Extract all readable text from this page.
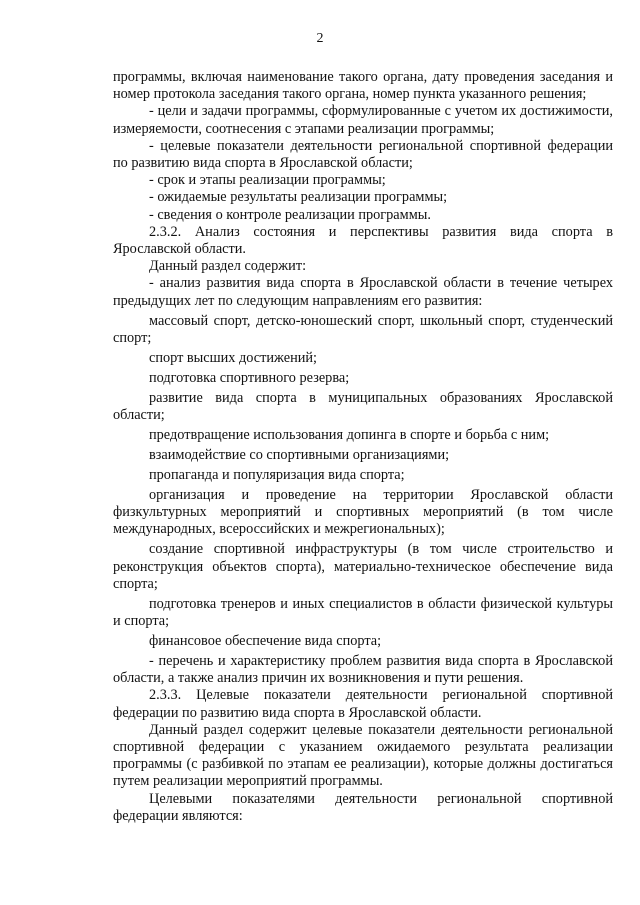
2

программы, включая наименование такого органа, дату проведения заседания и номер протокола заседания такого органа, номер пункта указанного решения;

- цели и задачи программы, сформулированные с учетом их достижимости, измеряемости, соотнесения с этапами реализации программы;

- целевые показатели деятельности региональной спортивной федерации по развитию вида спорта в Ярославской области;

- срок и этапы реализации программы;

- ожидаемые результаты реализации программы;

- сведения о контроле реализации программы.

2.3.2. Анализ состояния и перспективы развития вида спорта в Ярославской области.

Данный раздел содержит:

- анализ развития вида спорта в Ярославской области в течение четырех предыдущих лет по следующим направлениям его развития:

массовый спорт, детско-юношеский спорт, школьный спорт, студенческий спорт;

спорт высших достижений;

подготовка спортивного резерва;

развитие вида спорта в муниципальных образованиях Ярославской области;

предотвращение использования допинга в спорте и борьба с ним;

взаимодействие со спортивными организациями;

пропаганда и популяризация вида спорта;

организация и проведение на территории Ярославской области физкультурных мероприятий и спортивных мероприятий (в том числе международных, всероссийских и межрегиональных);

создание спортивной инфраструктуры (в том числе строительство и реконструкция объектов спорта), материально-техническое обеспечение вида спорта;

подготовка тренеров и иных специалистов в области физической культуры и спорта;

финансовое обеспечение вида спорта;

- перечень и характеристику проблем развития вида спорта в Ярославской области, а также анализ причин их возникновения и пути решения.

2.3.3. Целевые показатели деятельности региональной спортивной федерации по развитию вида спорта в Ярославской области.

Данный раздел содержит целевые показатели деятельности региональной спортивной федерации с указанием ожидаемого результата реализации программы (с разбивкой по этапам ее реализации), которые должны достигаться путем реализации мероприятий программы.

Целевыми показателями деятельности региональной спортивной федерации являются:
